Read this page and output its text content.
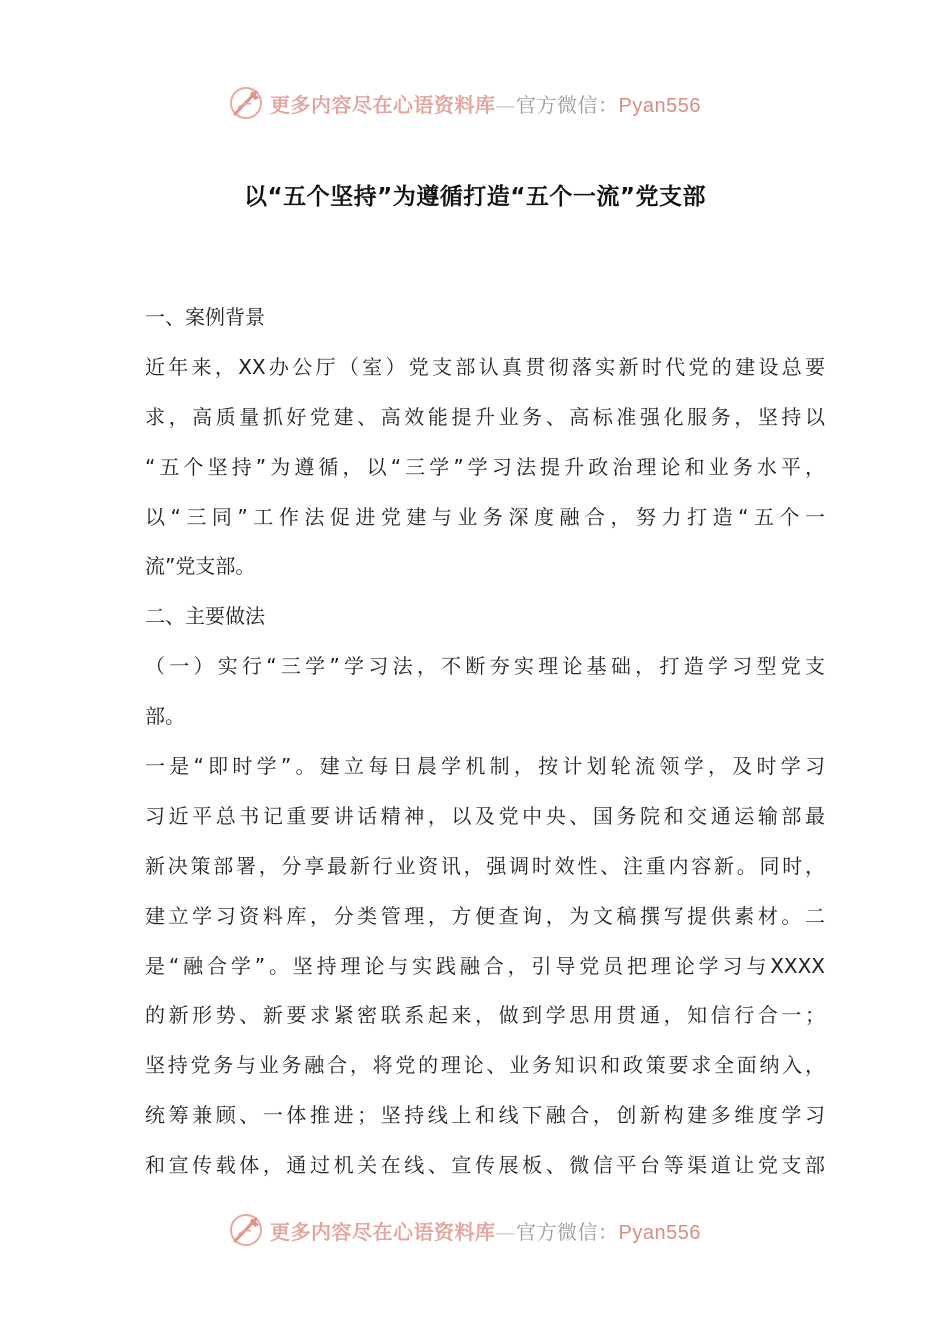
更多内容尽在心语资料库—官方微信：Pyan556
以“五个坚持”为遵循打造“五个一流”党支部
一、案例背景
近年来，XX办公厅（室）党支部认真贯彻落实新时代党的建设总要
求，高质量抓好党建、高效能提升业务、高标准强化服务，坚持以
“五个坚持”为遵循，以“三学”学习法提升政治理论和业务水平，
以“三同”工作法促进党建与业务深度融合，努力打造“五个一
流”党支部。
二、主要做法
（一）实行“三学”学习法，不断夯实理论基础，打造学习型党支
部。
一是“即时学”。建立每日晨学机制，按计划轮流领学，及时学习
习近平总书记重要讲话精神，以及党中央、国务院和交通运输部最
新决策部署，分享最新行业资讯，强调时效性、注重内容新。同时，
建立学习资料库，分类管理，方便查询，为文稿撰写提供素材。二
是“融合学”。坚持理论与实践融合，引导党员把理论学习与XXXX
的新形势、新要求紧密联系起来，做到学思用贯通，知信行合一；
坚持党务与业务融合，将党的理论、业务知识和政策要求全面纳入，
统筹兼顾、一体推进；坚持线上和线下融合，创新构建多维度学习
和宣传载体，通过机关在线、宣传展板、微信平台等渠道让党支部
更多内容尽在心语资料库—官方微信：Pyan556
